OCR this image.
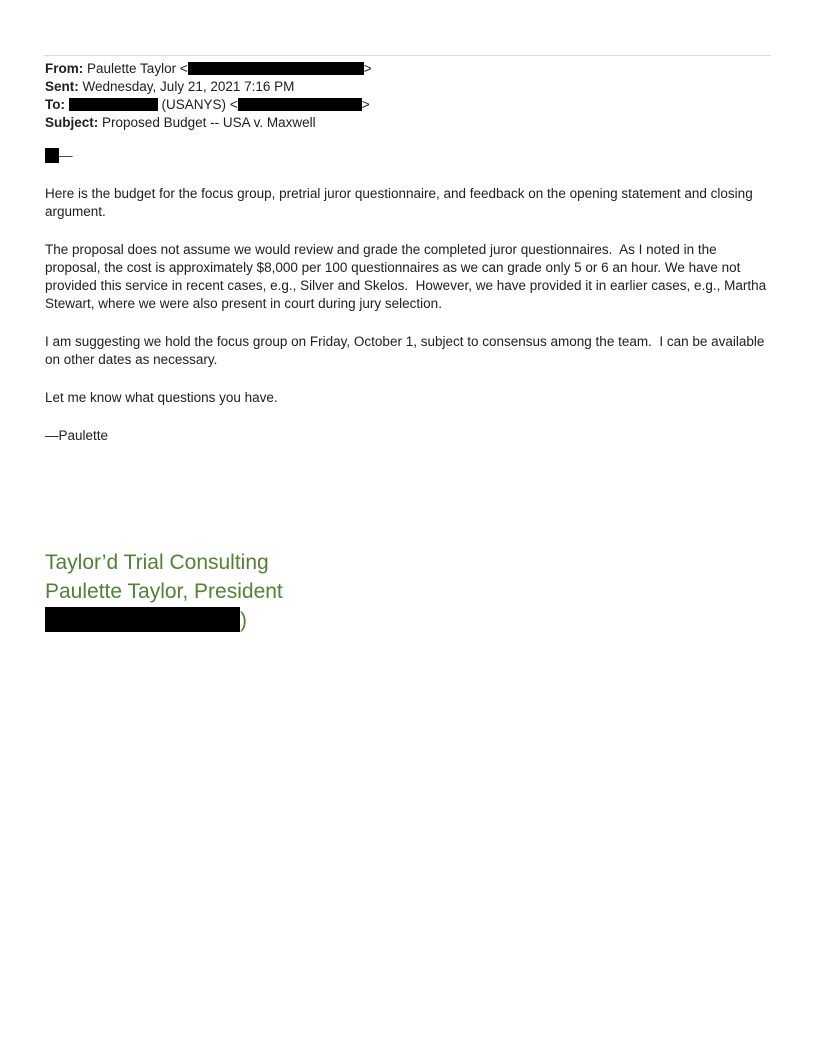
From: Paulette Taylor <	>
Sent: Wednesday, July 21, 2021 7:16 PM
To:	(USANYS) <	>
Subject: Proposed Budget -- USA v. Maxwell
—

Here is the budget for the focus group, pretrial juror questionnaire, and feedback on the opening statement and closing argument.

The proposal does not assume we would review and grade the completed juror questionnaires.  As I noted in the proposal, the cost is approximately $8,000 per 100 questionnaires as we can grade only 5 or 6 an hour. We have not provided this service in recent cases, e.g., Silver and Skelos.  However, we have provided it in earlier cases, e.g., Martha Stewart, where we were also present in court during jury selection.

I am suggesting we hold the focus group on Friday, October 1, subject to consensus among the team.  I can be available on other dates as necessary.

Let me know what questions you have.

—Paulette

Taylor’d Trial Consulting
Paulette Taylor, President
)
